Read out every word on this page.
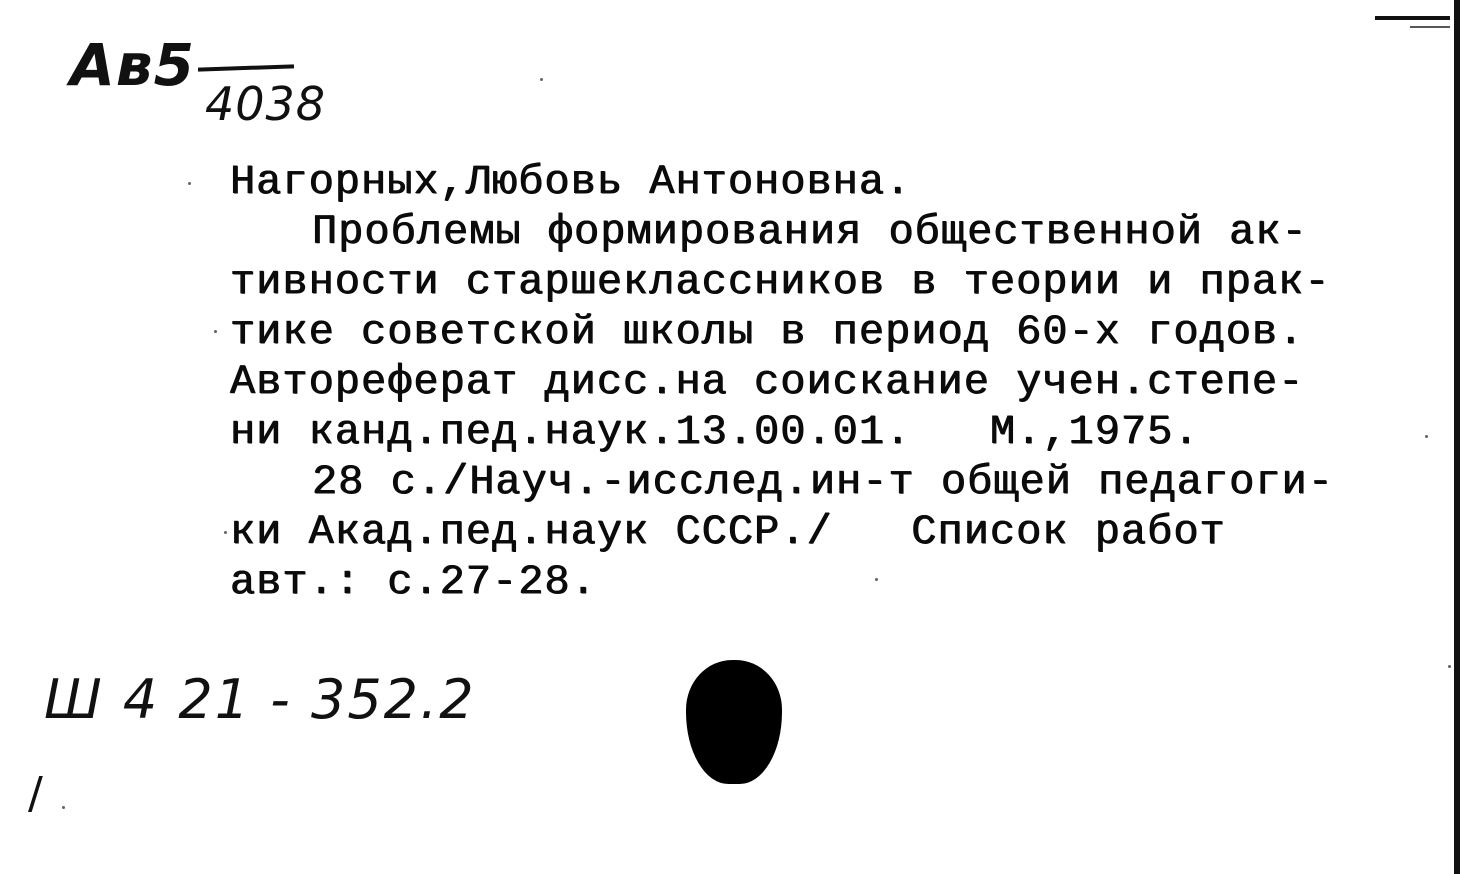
Ав5
4038
Нагорных,Любовь Антоновна.
Проблемы формирования общественной ак-
тивности старшеклассников в теории и прак-
тике советской школы в период 60-х годов.
Автореферат дисс.на соискание учен.степе-
ни канд.пед.наук.13.00.01.   М.,1975.
28 с./Науч.-исслед.ин-т общей педагоги-
ки Акад.пед.наук СССР./   Список работ
авт.: с.27-28.
Ш 4 21 - 352.2
/
